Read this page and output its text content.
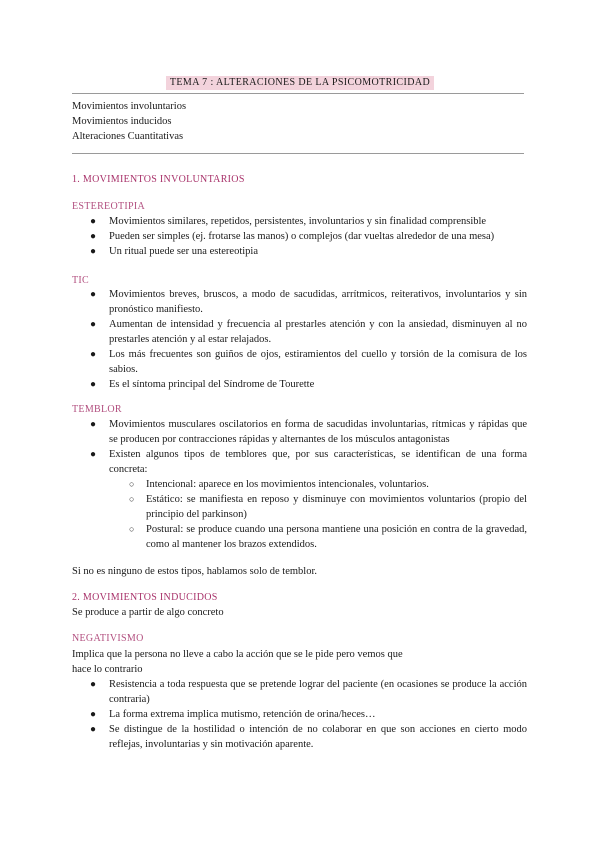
TEMA 7 : ALTERACIONES DE LA PSICOMOTRICIDAD
Movimientos involuntarios
Movimientos inducidos
Alteraciones Cuantitativas
1. MOVIMIENTOS INVOLUNTARIOS
ESTEREOTIPIA
● Movimientos similares, repetidos, persistentes, involuntarios y sin finalidad comprensible
● Pueden ser simples (ej. frotarse las manos) o complejos (dar vueltas alrededor de una mesa)
● Un ritual puede ser una estereotipia
TIC
● Movimientos breves, bruscos, a modo de sacudidas, arrítmicos, reiterativos, involuntarios y sin pronóstico manifiesto.
● Aumentan de intensidad y frecuencia al prestarles atención y con la ansiedad, disminuyen al no prestarles atención y al estar relajados.
● Los más frecuentes son guiños de ojos, estiramientos del cuello y torsión de la comisura de los sabios.
● Es el síntoma principal del Síndrome de Tourette
TEMBLOR
● Movimientos musculares oscilatorios en forma de sacudidas involuntarias, rítmicas y rápidas que se producen por contracciones rápidas y alternantes de los músculos antagonistas
● Existen algunos tipos de temblores que, por sus características, se identifican de una forma concreta:
○ Intencional: aparece en los movimientos intencionales, voluntarios.
○ Estático: se manifiesta en reposo y disminuye con movimientos voluntarios (propio del principio del parkinson)
○ Postural: se produce cuando una persona mantiene una posición en contra de la gravedad, como al mantener los brazos extendidos.
Si no es ninguno de estos tipos, hablamos solo de temblor.
2. MOVIMIENTOS INDUCIDOS
Se produce a partir de algo concreto
NEGATIVISMO
Implica que la persona no lleve a cabo la acción que se le pide pero vemos que
hace lo contrario
● Resistencia a toda respuesta que se pretende lograr del paciente (en ocasiones se produce la acción contraria)
● La forma extrema implica mutismo, retención de orina/heces…
● Se distingue de la hostilidad o intención de no colaborar en que son acciones en cierto modo reflejas, involuntarias y sin motivación aparente.
